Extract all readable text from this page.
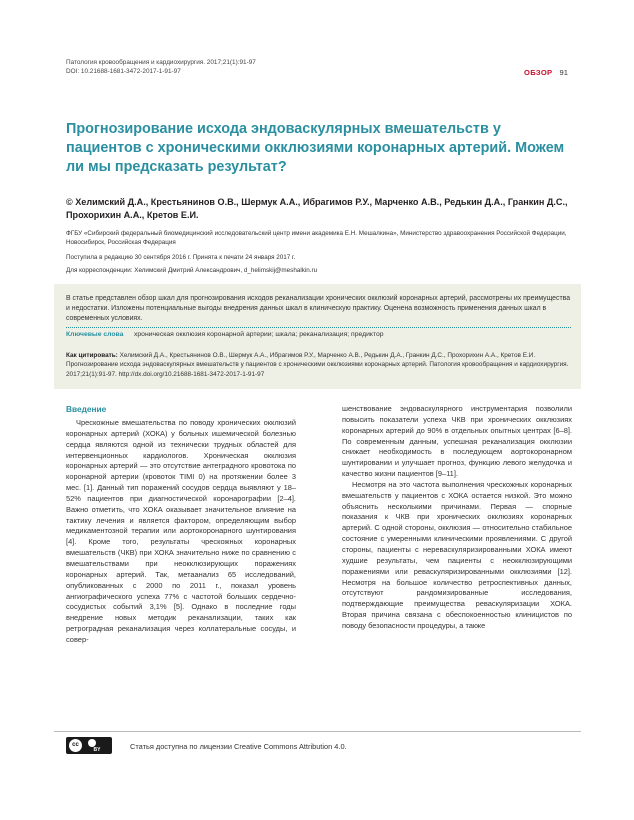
Патология кровообращения и кардиохирургия. 2017;21(1):91-97
DOI: 10.21688-1681-3472-2017-1-91-97	ОБЗОР 91
Прогнозирование исхода эндоваскулярных вмешательств у пациентов с хроническими окклюзиями коронарных артерий. Можем ли мы предсказать результат?
© Хелимский Д.А., Крестьянинов О.В., Шермук А.А., Ибрагимов Р.У., Марченко А.В., Редькин Д.А., Гранкин Д.С., Прохорихин А.А., Кретов Е.И.
ФГБУ «Сибирский федеральный биомедицинский исследовательский центр имени академика Е.Н. Мешалкина», Министерство здравоохранения Российской Федерации, Новосибирск, Российская Федерация
Поступила в редакцию 30 сентября 2016 г. Принята к печати 24 января 2017 г.
Для корреспонденции: Хелимский Дмитрий Александрович, d_helimskij@meshalkin.ru
В статье представлен обзор шкал для прогнозирования исходов реканализации хронических окклюзий коронарных артерий, рассмотрены их преимущества и недостатки. Изложены потенциальные выгоды внедрения данных шкал в клиническую практику. Оценена возможность применения данных шкал в современных условиях.
Ключевые слова хроническая окклюзия коронарной артерии; шкала; реканализация; предиктор
Как цитировать: Хелимский Д.А., Крестьянинов О.В., Шермук А.А., Ибрагимов Р.У., Марченко А.В., Редькин Д.А., Гранкин Д.С., Прохорихин А.А., Кретов Е.И. Прогнозирование исхода эндоваскулярных вмешательств у пациентов с хроническими окклюзиями коронарных артерий. Патология кровообращения и кардиохирургия. 2017;21(1):91-97. http://dx.doi.org/10.21688-1681-3472-2017-1-91-97
Введение

Чрескожные вмешательства по поводу хронических окклюзий коронарных артерий (ХОКА) у больных ишемической болезнью сердца являются одной из технически трудных областей для интервенционных кардиологов. Хроническая окклюзия коронарных артерий — это отсутствие антеградного кровотока по коронарной артерии (кровоток TIMI 0) на протяжении более 3 мес. [1]. Данный тип поражений сосудов сердца выявляют у 18–52% пациентов при диагностической коронарографии [2–4]. Важно отметить, что ХОКА оказывает значительное влияние на тактику лечения и является фактором, определяющим выбор медикаментозной терапии или аортокоронарного шунтирования [4]. Кроме того, результаты чрескожных коронарных вмешательств (ЧКВ) при ХОКА значительно ниже по сравнению с вмешательствами при неокклюзирующих поражениях коронарных артерий. Так, метаанализ 65 исследований, опубликованных с 2000 по 2011 г., показал уровень ангиографического успеха 77% с частотой больших сердечно-сосудистых событий 3,1% [5]. Однако в последние годы внедрение новых методик реканализации, таких как ретроградная реканализация через коллатеральные сосуды, и совер-

шенствование эндоваскулярного инструментария позволили повысить показатели успеха ЧКВ при хронических окклюзиях коронарных артерий до 90% в отдельных опытных центрах [6–8]. По современным данным, успешная реканализация окклюзии снижает необходимость в последующем аортокоронарном шунтировании и улучшает прогноз, функцию левого желудочка и качество жизни пациентов [9–11].

Несмотря на это частота выполнения чрескожных коронарных вмешательств у пациентов с ХОКА остается низкой. Это можно объяснить несколькими причинами. Первая — спорные показания к ЧКВ при хронических окклюзиях коронарных артерий. С одной стороны, окклюзия — относительно стабильное состояние с умеренными клиническими проявлениями. С другой стороны, пациенты с нереваскуляризированными ХОКА имеют худшие результаты, чем пациенты с неокклюзирующими поражениями или реваскуляризированными окклюзиями [12]. Несмотря на большое количество ретроспективных данных, отсутствуют рандомизированные исследования, подтверждающие преимущества реваскуляризации ХОКА. Вторая причина связана с обеспокоенностью клиницистов по поводу безопасности процедуры, а также

cc
BY	Статья доступна по лицензии Creative Commons Attribution 4.0.
